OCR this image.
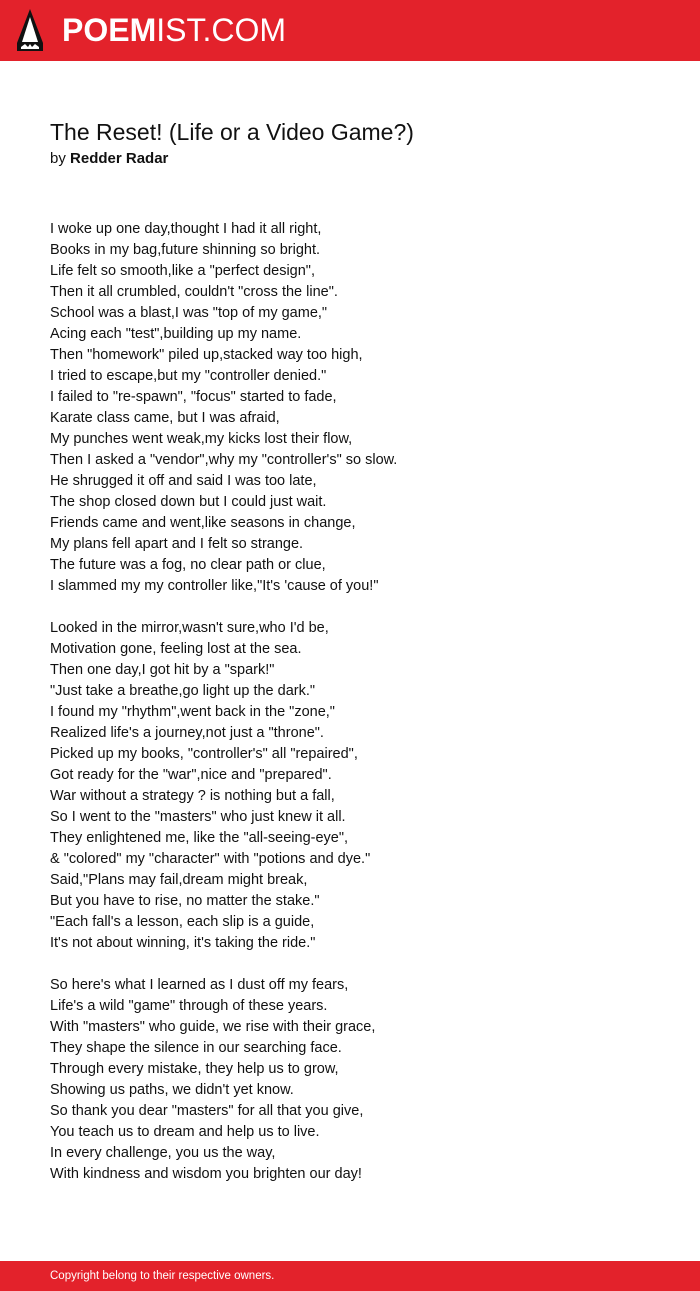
POEMIST.COM
The Reset! (Life or a Video Game?)
by Redder Radar
I woke up one day,thought I had it all right,
Books in my bag,future shinning so bright.
Life felt so smooth,like a "perfect design",
Then it all crumbled, couldn't "cross the line".
School was a blast,I was "top of my game,"
Acing each "test",building up my name.
Then "homework" piled up,stacked way too high,
I tried to escape,but my "controller denied."
I failed to "re-spawn", "focus" started to fade,
Karate class came, but I was afraid,
My punches went weak,my kicks lost their flow,
Then I asked a "vendor",why my "controller's" so slow.
He shrugged it off and said I was too late,
The shop closed down but I could just wait.
Friends came and went,like seasons in change,
My plans fell apart and I felt so strange.
The future was a fog, no clear path or clue,
I slammed my my controller like,"It's 'cause of you!"
Looked in the mirror,wasn't sure,who I'd be,
Motivation gone, feeling lost at the sea.
Then one day,I got hit by a "spark!"
"Just take a breathe,go light up the dark."
I found my "rhythm",went back in the "zone,"
Realized life's a journey,not just a "throne".
Picked up my books, "controller's" all "repaired",
Got ready for the "war",nice and "prepared".
War without a strategy ? is nothing but a fall,
So I went to the "masters" who just knew it all.
They enlightened me, like the "all-seeing-eye",
& "colored" my "character" with "potions and dye."
Said,"Plans may fail,dream might break,
But you have to rise, no matter the stake."
"Each fall's a lesson, each slip is a guide,
It's not about winning, it's taking the ride."
So here's what I learned as I dust off my fears,
Life's a wild "game" through of these years.
With "masters" who guide, we rise with their grace,
They shape the silence in our searching face.
Through every mistake, they help us to grow,
Showing us paths, we didn't yet know.
So thank you dear "masters" for all that you give,
You teach us to dream and help us to live.
In every challenge, you us the way,
With kindness and wisdom you brighten our day!
Copyright belong to their respective owners.
